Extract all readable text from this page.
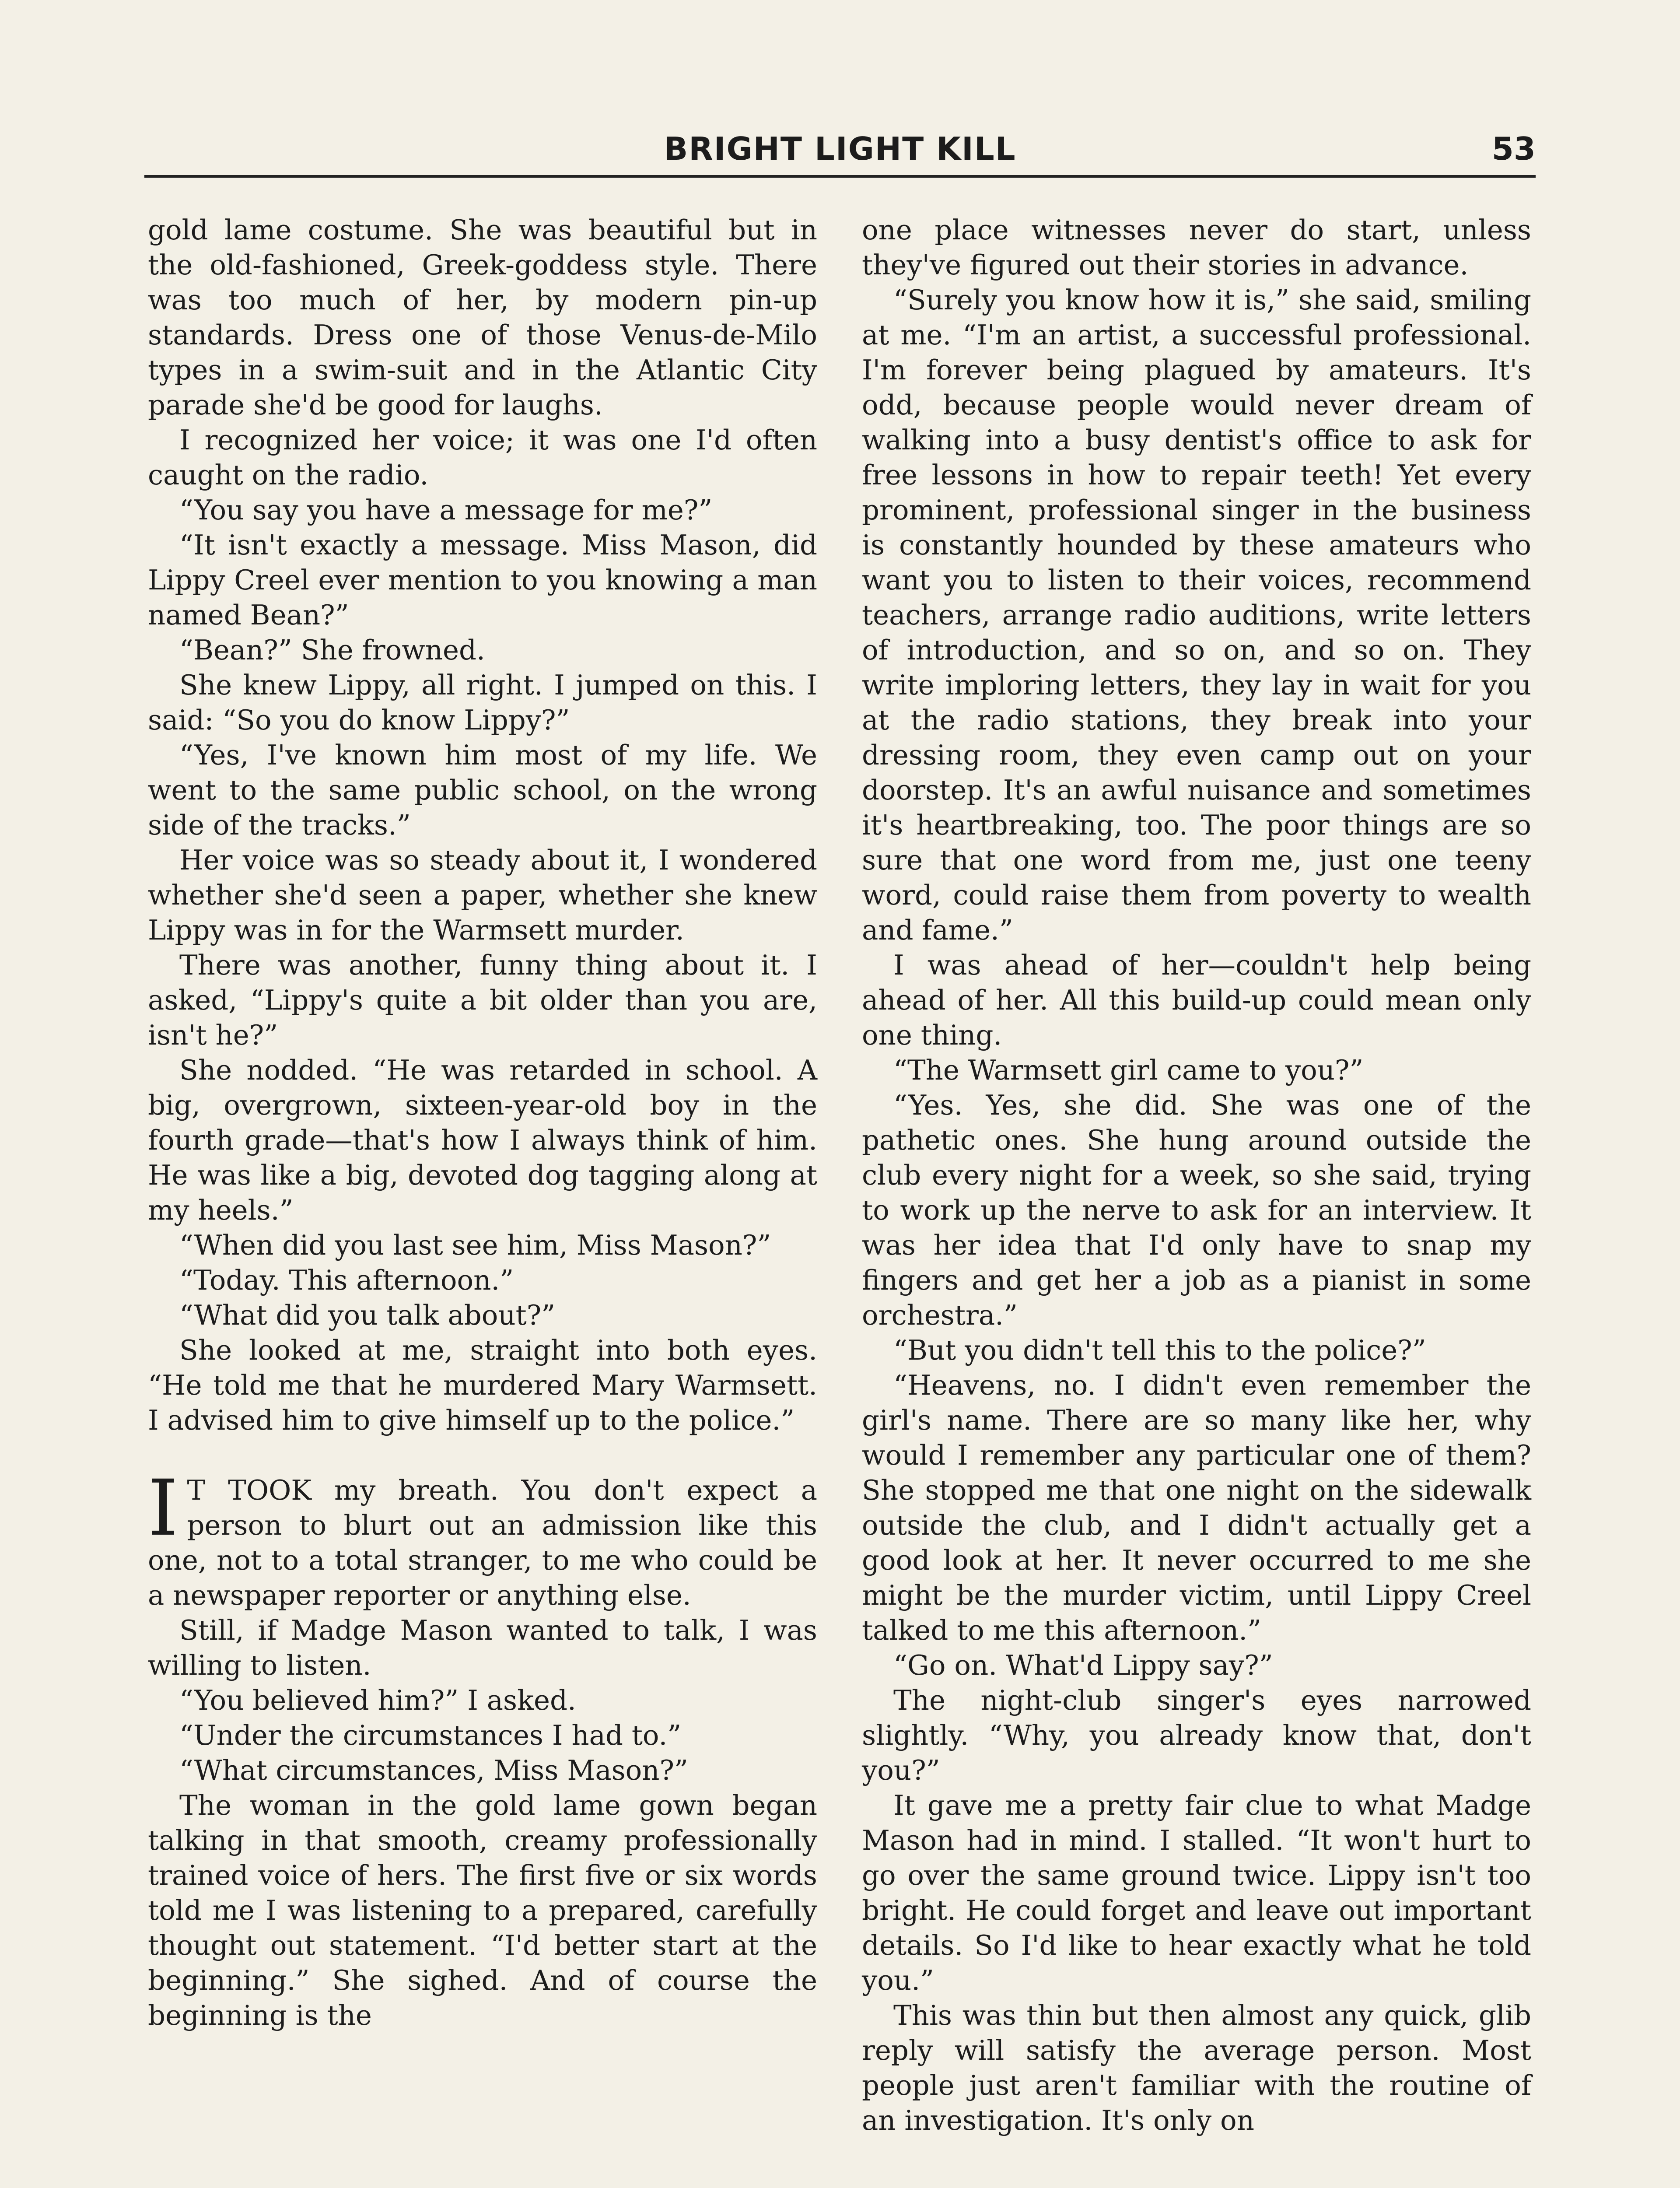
BRIGHT LIGHT KILL	53

gold lame costume. She was beautiful but in the old-fashioned, Greek-goddess style. There was too much of her, by modern pin-up standards. Dress one of those Venus-de-Milo types in a swim-suit and in the Atlantic City parade she'd be good for laughs.

I recognized her voice; it was one I'd often caught on the radio.

“You say you have a message for me?”

“It isn't exactly a message. Miss Mason, did Lippy Creel ever mention to you knowing a man named Bean?”

“Bean?” She frowned.

She knew Lippy, all right. I jumped on this. I said: “So you do know Lippy?”

“Yes, I've known him most of my life. We went to the same public school, on the wrong side of the tracks.”

Her voice was so steady about it, I wondered whether she'd seen a paper, whether she knew Lippy was in for the Warmsett murder.

There was another, funny thing about it. I asked, “Lippy's quite a bit older than you are, isn't he?”

She nodded. “He was retarded in school. A big, overgrown, sixteen-year-old boy in the fourth grade—that's how I always think of him. He was like a big, devoted dog tagging along at my heels.”

“When did you last see him, Miss Mason?”

“Today. This afternoon.”

“What did you talk about?”

She looked at me, straight into both eyes. “He told me that he murdered Mary Warmsett. I advised him to give himself up to the police.”

I T TOOK my breath. You don't expect a person to blurt out an admission like this one, not to a total stranger, to me who could be a newspaper reporter or anything else.

Still, if Madge Mason wanted to talk, I was willing to listen.

“You believed him?” I asked.

“Under the circumstances I had to.”

“What circumstances, Miss Mason?”

The woman in the gold lame gown began talking in that smooth, creamy professionally trained voice of hers. The first five or six words told me I was listening to a prepared, carefully thought out statement. “I'd better start at the beginning.” She sighed. And of course the beginning is the

one place witnesses never do start, unless they've figured out their stories in advance.

“Surely you know how it is,” she said, smiling at me. “I'm an artist, a successful professional. I'm forever being plagued by amateurs. It's odd, because people would never dream of walking into a busy dentist's office to ask for free lessons in how to repair teeth! Yet every prominent, professional singer in the business is constantly hounded by these amateurs who want you to listen to their voices, recommend teachers, arrange radio auditions, write letters of introduction, and so on, and so on. They write imploring letters, they lay in wait for you at the radio stations, they break into your dressing room, they even camp out on your doorstep. It's an awful nuisance and sometimes it's heartbreaking, too. The poor things are so sure that one word from me, just one teeny word, could raise them from poverty to wealth and fame.”

I was ahead of her—couldn't help being ahead of her. All this build-up could mean only one thing.

“The Warmsett girl came to you?”

“Yes. Yes, she did. She was one of the pathetic ones. She hung around outside the club every night for a week, so she said, trying to work up the nerve to ask for an interview. It was her idea that I'd only have to snap my fingers and get her a job as a pianist in some orchestra.”

“But you didn't tell this to the police?”

“Heavens, no. I didn't even remember the girl's name. There are so many like her, why would I remember any particular one of them? She stopped me that one night on the sidewalk outside the club, and I didn't actually get a good look at her. It never occurred to me she might be the murder victim, until Lippy Creel talked to me this afternoon.”

“Go on. What'd Lippy say?”

The night-club singer's eyes narrowed slightly. “Why, you already know that, don't you?”

It gave me a pretty fair clue to what Madge Mason had in mind. I stalled. “It won't hurt to go over the same ground twice. Lippy isn't too bright. He could forget and leave out important details. So I'd like to hear exactly what he told you.”

This was thin but then almost any quick, glib reply will satisfy the average person. Most people just aren't familiar with the routine of an investigation. It's only on
